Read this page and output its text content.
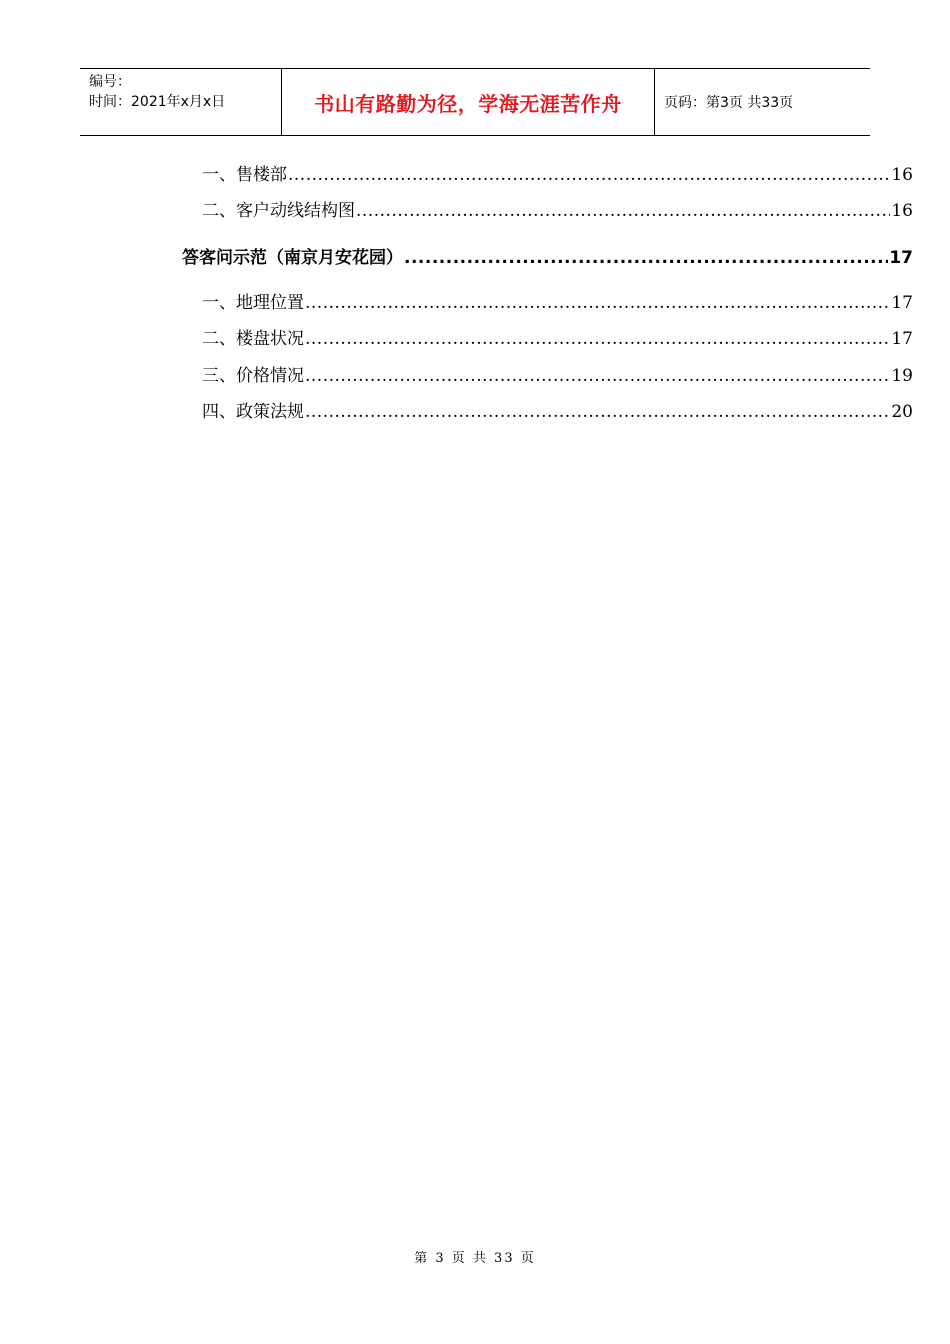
编号：
时间：2021年x月x日	书山有路勤为径，学海无涯苦作舟	页码：第3页 共33页
一、售楼部 .....	16
二、客户动线结构图 .....	16
答客问示范（南京月安花园） .....	17
一、地理位置 .....	17
二、楼盘状况 .....	17
三、价格情况 .....	19
四、政策法规 .....	20
第 3 页 共 33 页
